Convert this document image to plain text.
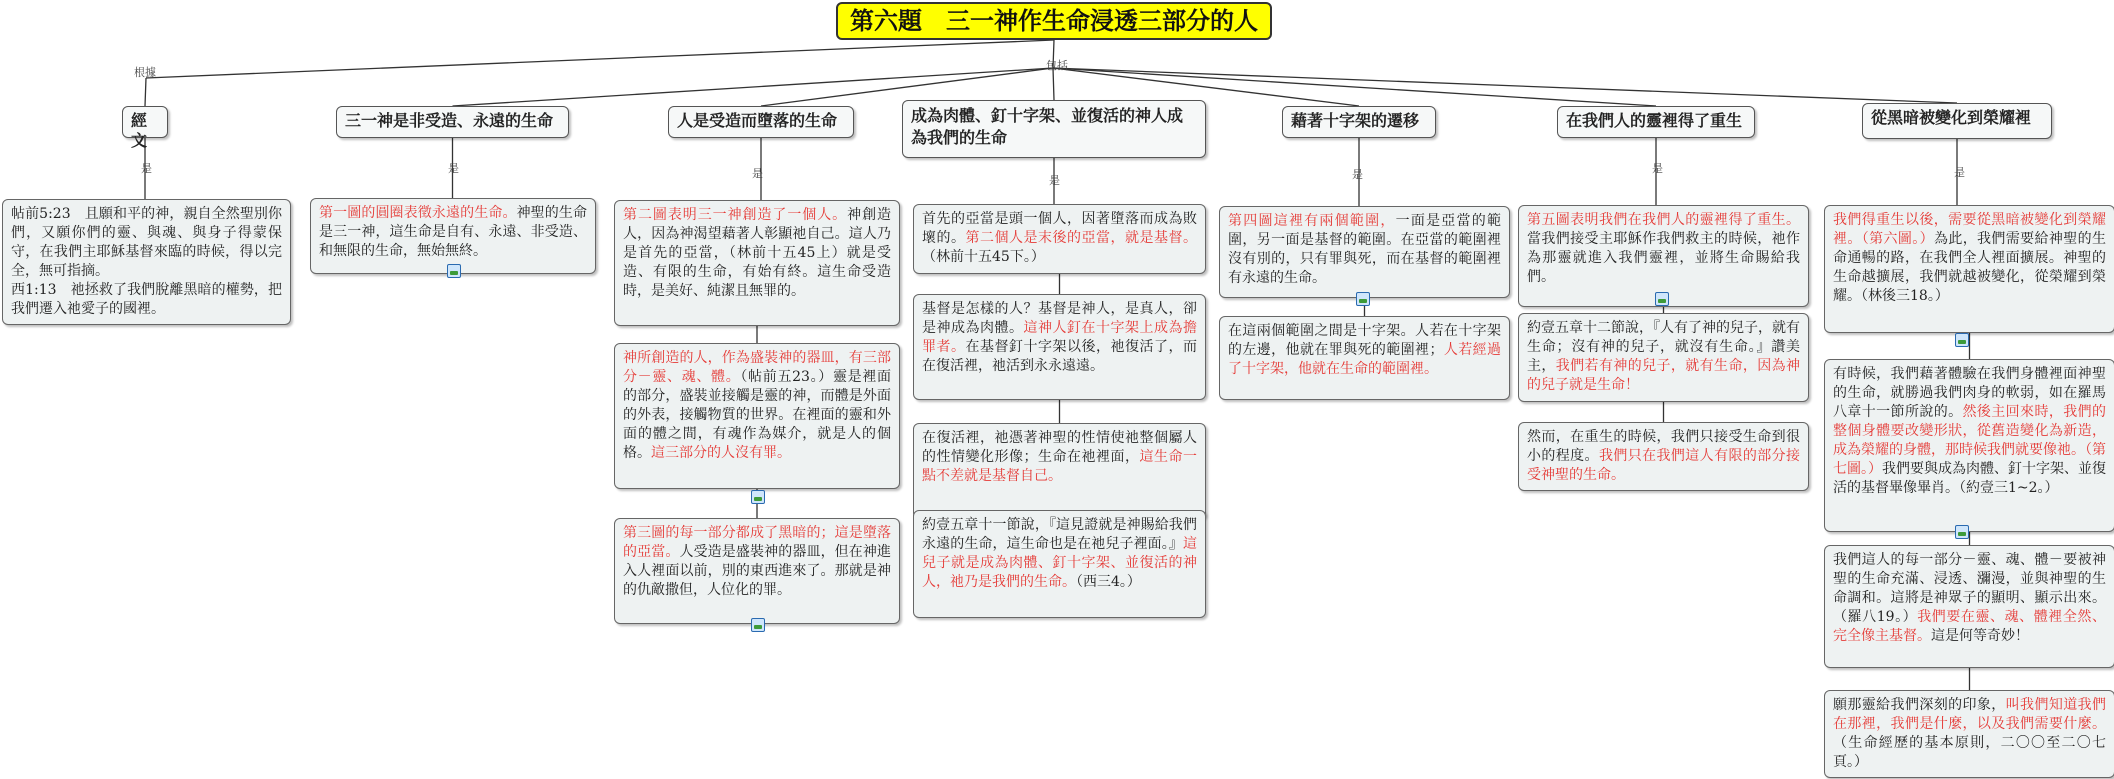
第六題　三一神作生命浸透三部分的人
根據
包括
經文
是
帖前5:23　且願和平的神，親自全然聖別你們，又願你們的靈、與魂、與身子得蒙保守，在我們主耶穌基督來臨的時候，得以完全，無可指摘。
西1:13　祂拯救了我們脫離黑暗的權勢，把我們遷入祂愛子的國裡。
三一神是非受造、永遠的生命
是
第一圖的圓圈表徵永遠的生命。神聖的生命是三一神，這生命是自有、永遠、非受造、和無限的生命，無始無終。
人是受造而墮落的生命
是
第二圖表明三一神創造了一個人。神創造人，因為神渴望藉著人彰顯祂自己。這人乃是首先的亞當，（林前十五45上）就是受造、有限的生命，有始有終。這生命受造時，是美好、純潔且無罪的。
神所創造的人，作為盛裝神的器皿，有三部分－靈、魂、體。（帖前五23。）靈是裡面的部分，盛裝並接觸是靈的神，而體是外面的外表，接觸物質的世界。在裡面的靈和外面的體之間，有魂作為媒介，就是人的個格。這三部分的人沒有罪。
第三圖的每一部分都成了黑暗的；這是墮落的亞當。人受造是盛裝神的器皿，但在神進入人裡面以前，別的東西進來了。那就是神的仇敵撒但，人位化的罪。
成為肉體、釘十字架、並復活的神人成為我們的生命
是
首先的亞當是頭一個人，因著墮落而成為敗壞的。第二個人是末後的亞當，就是基督。（林前十五45下。）
基督是怎樣的人？基督是神人，是真人，卻是神成為肉體。這神人釘在十字架上成為擔罪者。在基督釘十字架以後，祂復活了，而在復活裡，祂活到永永遠遠。
在復活裡，祂憑著神聖的性情使祂整個屬人的性情變化形像；生命在祂裡面，這生命一點不差就是基督自己。
約壹五章十一節說，『這見證就是神賜給我們永遠的生命，這生命也是在祂兒子裡面。』這兒子就是成為肉體、釘十字架、並復活的神人，祂乃是我們的生命。（西三4。）
藉著十字架的遷移
是
第四圖這裡有兩個範圍，一面是亞當的範圍，另一面是基督的範圍。在亞當的範圍裡沒有別的，只有罪與死，而在基督的範圍裡有永遠的生命。
在這兩個範圍之間是十字架。人若在十字架的左邊，他就在罪與死的範圍裡；人若經過了十字架，他就在生命的範圍裡。
在我們人的靈裡得了重生
是
第五圖表明我們在我們人的靈裡得了重生。當我們接受主耶穌作我們救主的時候，祂作為那靈就進入我們靈裡，並將生命賜給我們。
約壹五章十二節說，『人有了神的兒子，就有生命；沒有神的兒子，就沒有生命。』讚美主，我們若有神的兒子，就有生命，因為神的兒子就是生命！
然而，在重生的時候，我們只接受生命到很小的程度。我們只在我們這人有限的部分接受神聖的生命。
從黑暗被變化到榮耀裡
是
我們得重生以後，需要從黑暗被變化到榮耀裡。（第六圖。）為此，我們需要給神聖的生命通暢的路，在我們全人裡面擴展。神聖的生命越擴展，我們就越被變化，從榮耀到榮耀。（林後三18。）
有時候，我們藉著體驗在我們身體裡面神聖的生命，就勝過我們肉身的軟弱，如在羅馬八章十一節所說的。然後主回來時，我們的整個身體要改變形狀，從舊造變化為新造，成為榮耀的身體，那時候我們就要像祂。（第七圖。）我們要與成為肉體、釘十字架、並復活的基督畢像畢肖。（約壹三1~2。）
我們這人的每一部分－靈、魂、體－要被神聖的生命充滿、浸透、瀰漫，並與神聖的生命調和。這將是神眾子的顯明、顯示出來。（羅八19。）我們要在靈、魂、體裡全然、完全像主基督。這是何等奇妙！
願那靈給我們深刻的印象，叫我們知道我們在那裡，我們是什麼，以及我們需要什麼。（生命經歷的基本原則，二〇〇至二〇七頁。）
